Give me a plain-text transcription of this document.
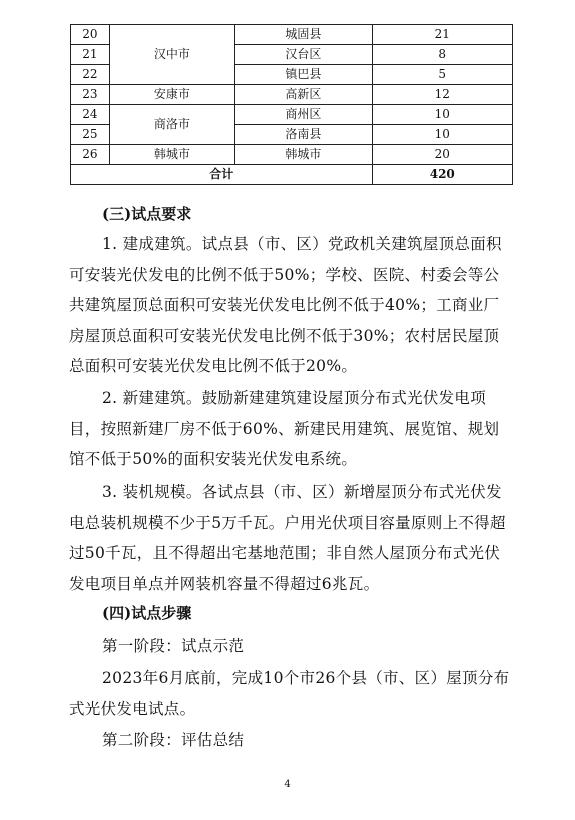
20	汉中市	城固县	21
21		汉台区	8
22		镇巴县	5
23	安康市	高新区	12
24	商洛市	商州区	10
25		洛南县	10
26	韩城市	韩城市	20
合计			420
(三)试点要求

1. 建成建筑。试点县（市、区）党政机关建筑屋顶总面积可安装光伏发电的比例不低于50%；学校、医院、村委会等公共建筑屋顶总面积可安装光伏发电比例不低于40%；工商业厂房屋顶总面积可安装光伏发电比例不低于30%；农村居民屋顶总面积可安装光伏发电比例不低于20%。

2. 新建建筑。鼓励新建建筑建设屋顶分布式光伏发电项目，按照新建厂房不低于60%、新建民用建筑、展览馆、规划馆不低于50%的面积安装光伏发电系统。

3. 装机规模。各试点县（市、区）新增屋顶分布式光伏发电总装机规模不少于5万千瓦。户用光伏项目容量原则上不得超过50千瓦，且不得超出宅基地范围；非自然人屋顶分布式光伏发电项目单点并网装机容量不得超过6兆瓦。

(四)试点步骤

第一阶段：试点示范

2023年6月底前，完成10个市26个县（市、区）屋顶分布式光伏发电试点。

第二阶段：评估总结

4
